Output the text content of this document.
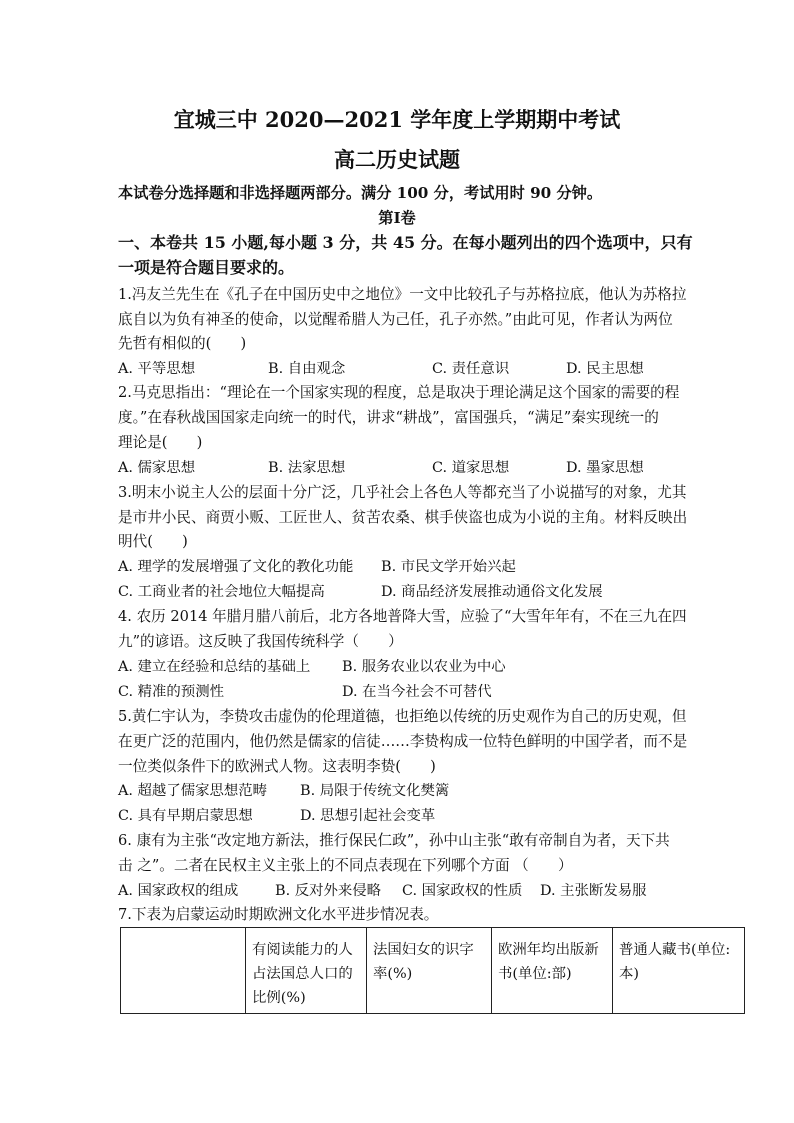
宜城三中 2020—2021 学年度上学期期中考试
高二历史试题
本试卷分选择题和非选择题两部分。满分 100 分，考试用时 90 分钟。
第Ⅰ卷
一、本卷共 15 小题,每小题 3 分，共 45 分。在每小题列出的四个选项中，只有
一项是符合题目要求的。
1.冯友兰先生在《孔子在中国历史中之地位》一文中比较孔子与苏格拉底，他认为苏格拉
底自以为负有神圣的使命，以觉醒希腊人为己任，孔子亦然。”由此可见，作者认为两位
先哲有相似的(　　)
A. 平等思想	B. 自由观念	C. 责任意识	D. 民主思想
2.马克思指出：“理论在一个国家实现的程度，总是取决于理论满足这个国家的需要的程
度。”在春秋战国国家走向统一的时代，讲求“耕战”，富国强兵，“满足”秦实现统一的
理论是(　　)
A. 儒家思想	B. 法家思想	C. 道家思想	D. 墨家思想
3.明末小说主人公的层面十分广泛，几乎社会上各色人等都充当了小说描写的对象，尤其
是市井小民、商贾小贩、工匠世人、贫苦农桑、棋手侠盗也成为小说的主角。材料反映出
明代(　　)
A. 理学的发展增强了文化的教化功能 B. 市民文学开始兴起
C. 工商业者的社会地位大幅提高	D. 商品经济发展推动通俗文化发展
4. 农历 2014 年腊月腊八前后，北方各地普降大雪，应验了“大雪年年有，不在三九在四
九”的谚语。这反映了我国传统科学（　　）
A. 建立在经验和总结的基础上 B. 服务农业以农业为中心
C. 精准的预测性	D. 在当今社会不可替代
5.黄仁宇认为，李贽攻击虚伪的伦理道德，也拒绝以传统的历史观作为自己的历史观，但
在更广泛的范围内，他仍然是儒家的信徒……李贽构成一位特色鲜明的中国学者，而不是
一位类似条件下的欧洲式人物。这表明李贽(　　)
A. 超越了儒家思想范畴 B. 局限于传统文化樊篱
C. 具有早期启蒙思想	D. 思想引起社会变革
6. 康有为主张“改定地方新法，推行保民仁政”，孙中山主张“敢有帝制自为者，天下共
击 之”。二者在民权主义主张上的不同点表现在下列哪个方面 （　　）
A. 国家政权的组成	B. 反对外来侵略 C. 国家政权的性质 D. 主张断发易服
7.下表为启蒙运动时期欧洲文化水平进步情况表。
	有阅读能力的人占法国总人口的比例(%)	法国妇女的识字率(%)	欧洲年均出版新书(单位:部)	普通人藏书(单位:本)
